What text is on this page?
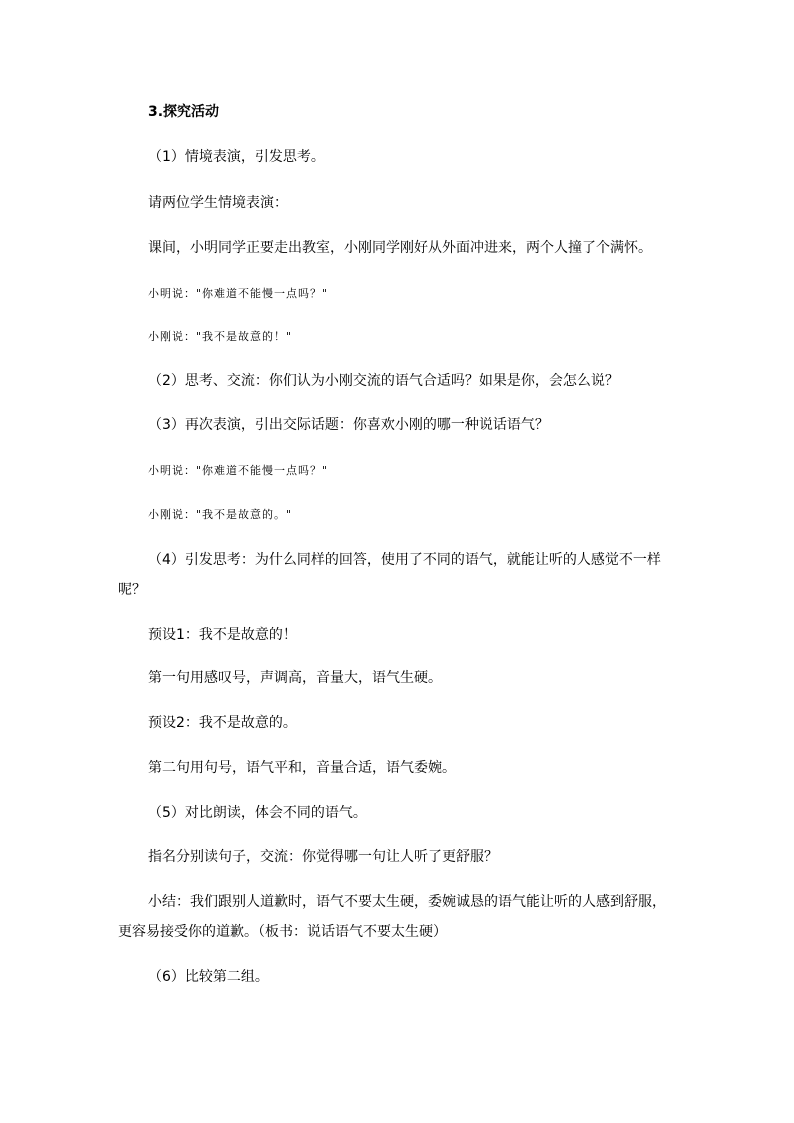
3.探究活动
（1）情境表演，引发思考。
请两位学生情境表演：
课间，小明同学正要走出教室，小刚同学刚好从外面冲进来，两个人撞了个满怀。
小明说："你难道不能慢一点吗？"
小刚说："我不是故意的！"
（2）思考、交流：你们认为小刚交流的语气合适吗？如果是你，会怎么说？
（3）再次表演，引出交际话题：你喜欢小刚的哪一种说话语气？
小明说："你难道不能慢一点吗？"
小刚说："我不是故意的。"
（4）引发思考：为什么同样的回答，使用了不同的语气，就能让听的人感觉不一样
呢？
预设1：我不是故意的！
第一句用感叹号，声调高，音量大，语气生硬。
预设2：我不是故意的。
第二句用句号，语气平和，音量合适，语气委婉。
（5）对比朗读，体会不同的语气。
指名分别读句子，交流：你觉得哪一句让人听了更舒服？
小结：我们跟别人道歉时，语气不要太生硬，委婉诚恳的语气能让听的人感到舒服，
更容易接受你的道歉。（板书：说话语气不要太生硬）
（6）比较第二组。
